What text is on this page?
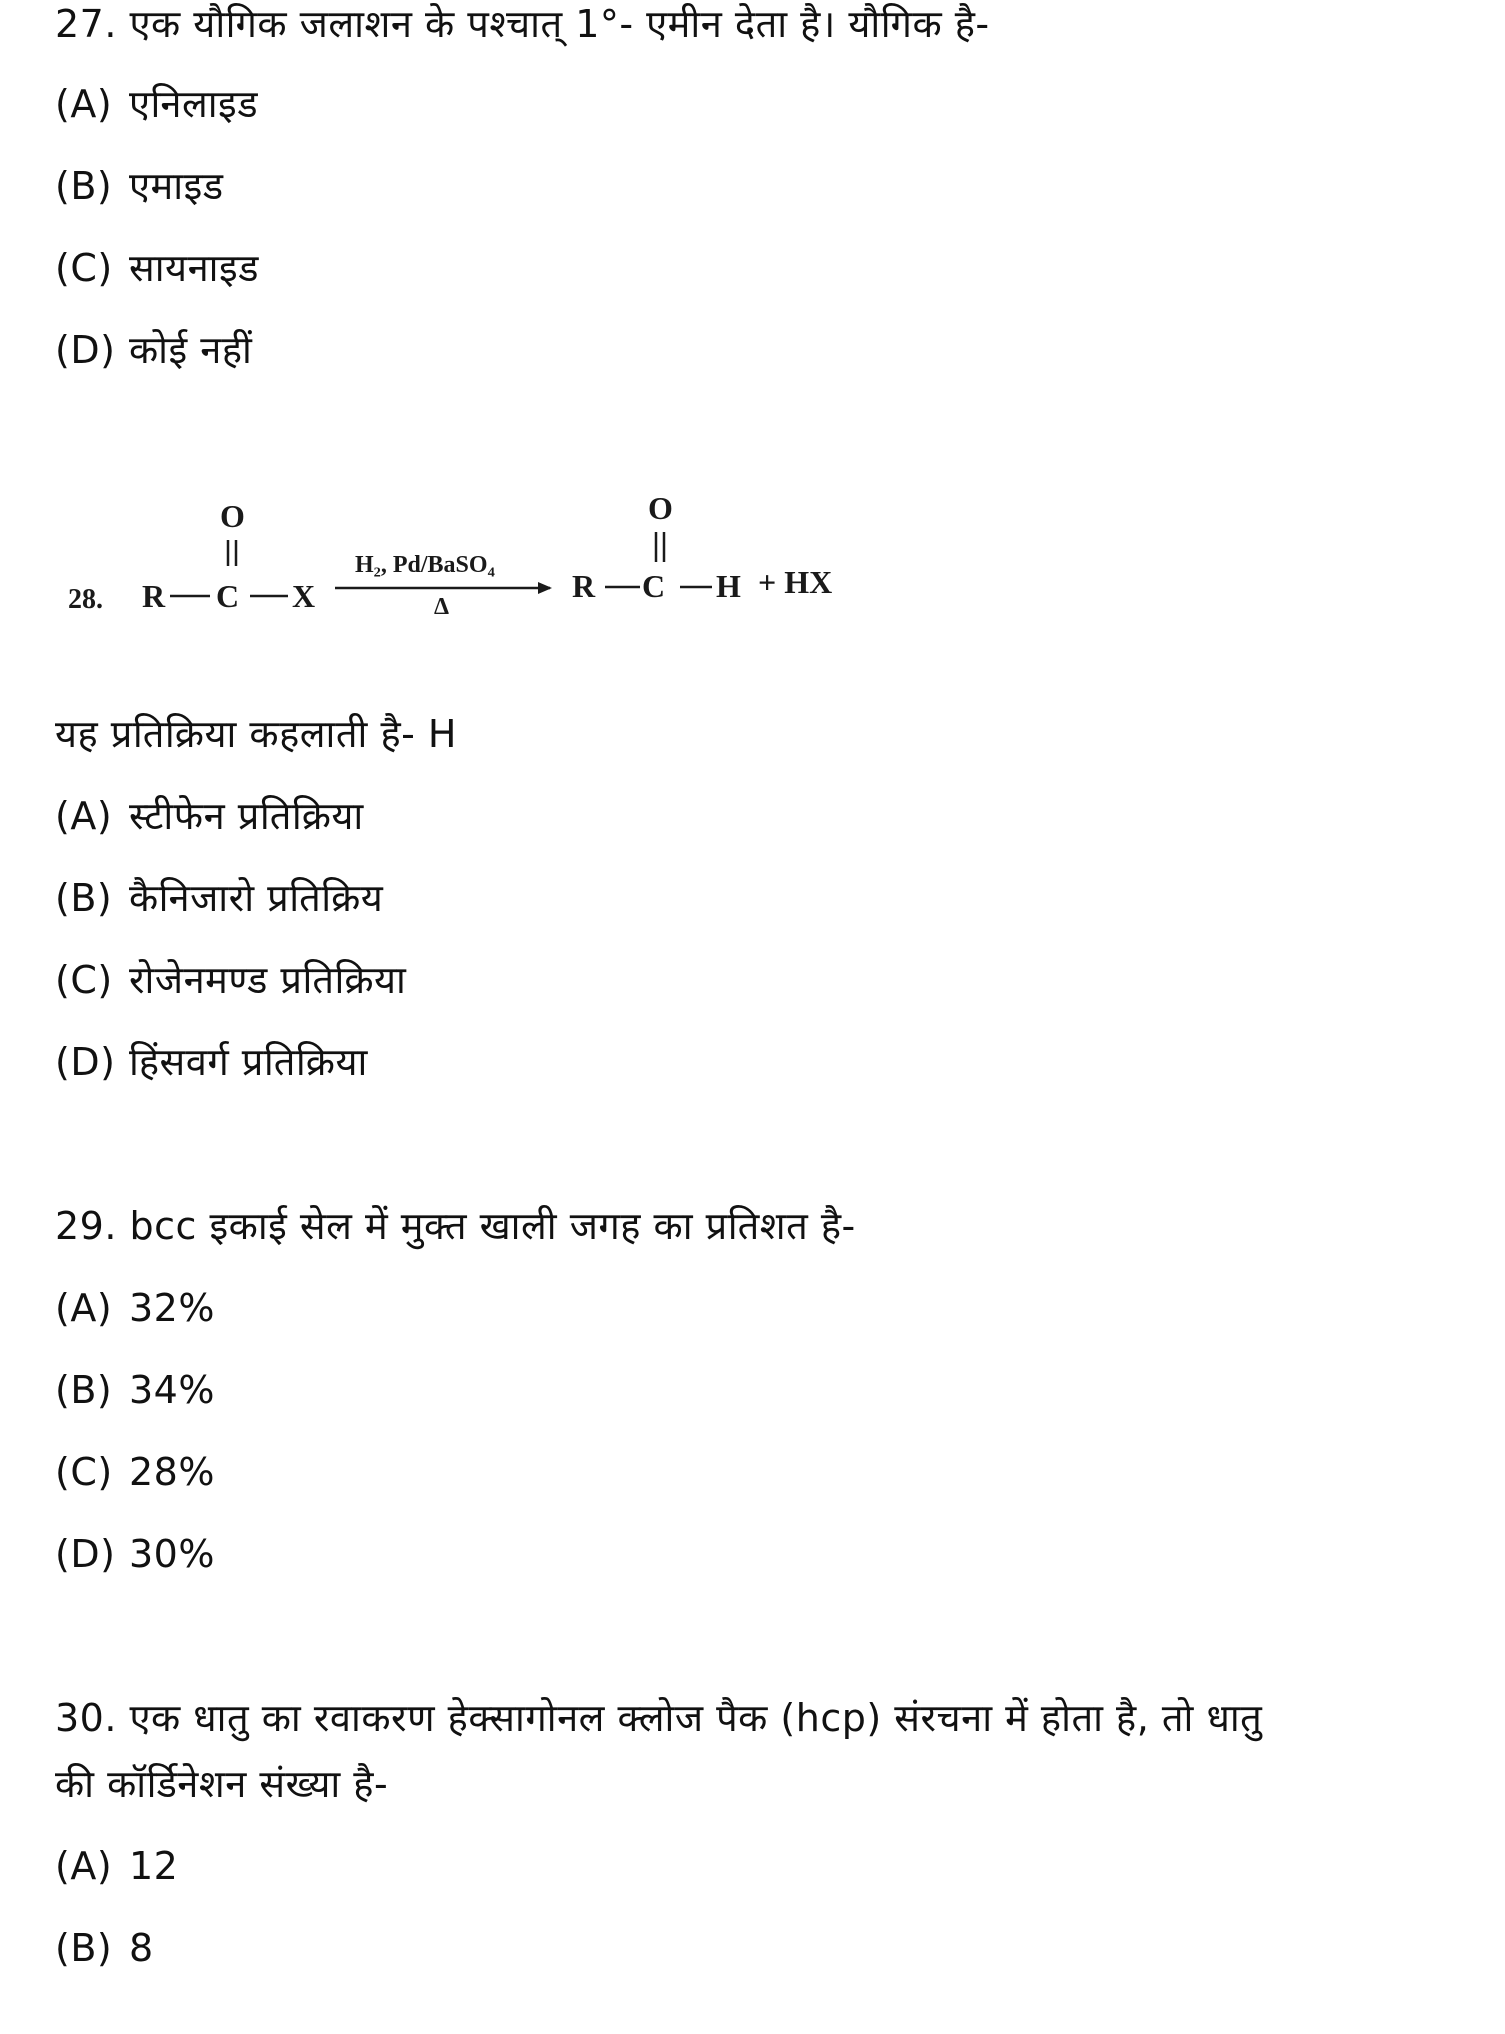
27. एक यौगिक जलाशन के पश्चात् 1°- एमीन देता है। यौगिक है-
(A) एनिलाइड
(B) एमाइड
(C) सायनाइड
(D) कोई नहीं
28. R C X
O
H₂, Pd/BaSO₄
Δ
R C H
O
+ HX
यह प्रतिक्रिया कहलाती है- H
(A) स्टीफेन प्रतिक्रिया
(B) कैनिजारो प्रतिक्रिय
(C) रोजेनमण्ड प्रतिक्रिया
(D) हिंसवर्ग प्रतिक्रिया
29. bcc इकाई सेल में मुक्त खाली जगह का प्रतिशत है-
(A) 32%
(B) 34%
(C) 28%
(D) 30%
30. एक धातु का रवाकरण हेक्सागोनल क्लोज पैक (hcp) संरचना में होता है, तो धातु
की कॉर्डिनेशन संख्या है-
(A) 12
(B) 8
